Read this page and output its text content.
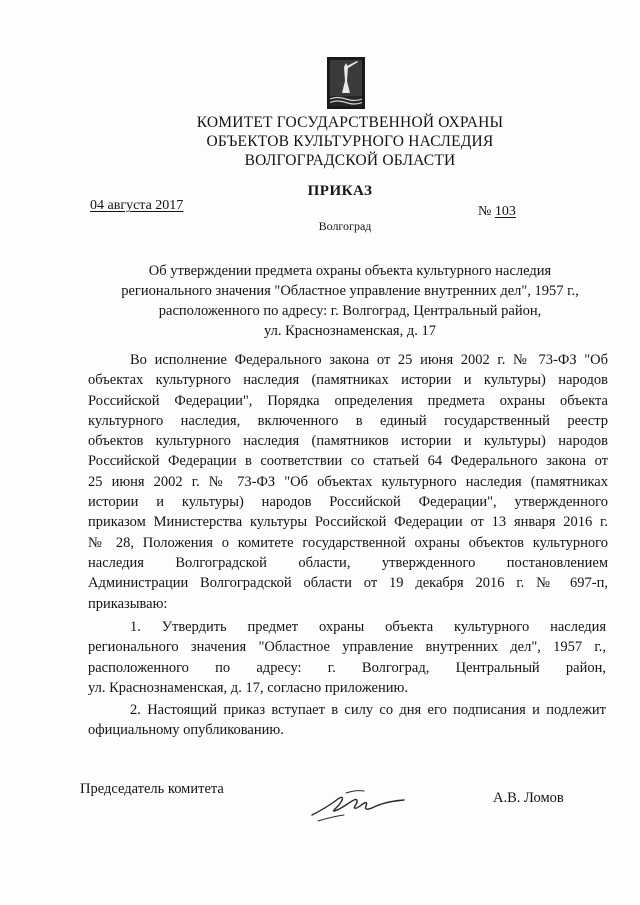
КОМИТЕТ ГОСУДАРСТВЕННОЙ ОХРАНЫ
ОБЪЕКТОВ КУЛЬТУРНОГО НАСЛЕДИЯ
ВОЛГОГРАДСКОЙ ОБЛАСТИ
ПРИКАЗ
04 августа 2017	№ 103
Волгоград
Об утверждении предмета охраны объекта культурного наследия
регионального значения "Областное управление внутренних дел", 1957 г.,
расположенного по адресу: г. Волгоград, Центральный район,
ул. Краснознаменская, д. 17
Во исполнение Федерального закона от 25 июня 2002 г. № 73-ФЗ "Об
объектах культурного наследия (памятниках истории и культуры) народов
Российской Федерации", Порядка определения предмета охраны объекта
культурного наследия, включенного в единый государственный реестр
объектов культурного наследия (памятников истории и культуры) народов
Российской Федерации в соответствии со статьей 64 Федерального закона от
25 июня 2002 г. № 73-ФЗ "Об объектах культурного наследия (памятниках
истории и культуры) народов Российской Федерации", утвержденного
приказом Министерства культуры Российской Федерации от 13 января 2016 г.
№ 28, Положения о комитете государственной охраны объектов культурного
наследия Волгоградской области, утвержденного постановлением
Администрации Волгоградской области от 19 декабря 2016 г. № 697-п,
приказываю:
1. Утвердить предмет охраны объекта культурного наследия
регионального значения "Областное управление внутренних дел", 1957 г.,
расположенного по адресу: г. Волгоград, Центральный район,
ул. Краснознаменская, д. 17, согласно приложению.
2. Настоящий приказ вступает в силу со дня его подписания и подлежит
официальному опубликованию.
Председатель комитета
А.В. Ломов
